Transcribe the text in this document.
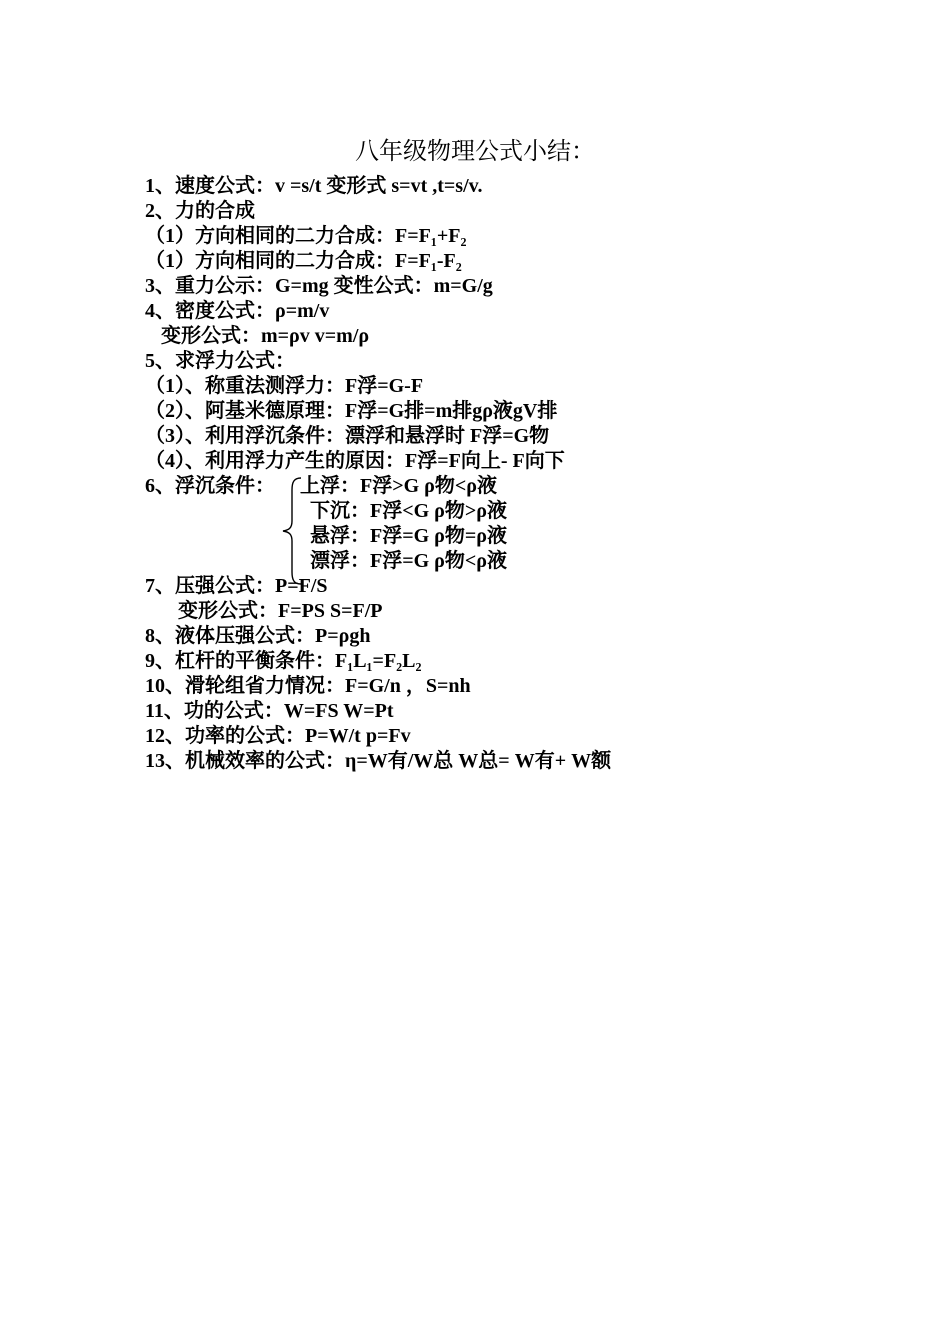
八年级物理公式小结：
1、速度公式：v =s/t 变形式 s=vt ,t=s/v.
2、力的合成
（1）方向相同的二力合成：F=F₁+F₂
（1）方向相同的二力合成：F=F₁-F₂
3、重力公示：G=mg 变性公式：m=G/g
4、密度公式：ρ=m/v
变形公式：m=ρv v=m/ρ
5、求浮力公式：
（1）、称重法测浮力：F浮=G-F
（2）、阿基米德原理：F浮=G排=m排gρ液gV排
（3）、利用浮沉条件：漂浮和悬浮时 F浮=G物
（4）、利用浮力产生的原因：F浮=F向上- F向下
6、浮沉条件： 上浮：F浮>G ρ物<ρ液
下沉：F浮<G ρ物>ρ液
悬浮：F浮=G ρ物=ρ液
漂浮：F浮=G ρ物<ρ液
7、压强公式：P=F/S
变形公式：F=PS S=F/P
8、液体压强公式：P=ρgh
9、杠杆的平衡条件：F₁L₁=F₂L₂
10、滑轮组省力情况：F=G/n ，S=nh
11、功的公式：W=FS W=Pt
12、功率的公式：P=W/t p=Fv
13、机械效率的公式：η=W有/W总 W总= W有+ W额
